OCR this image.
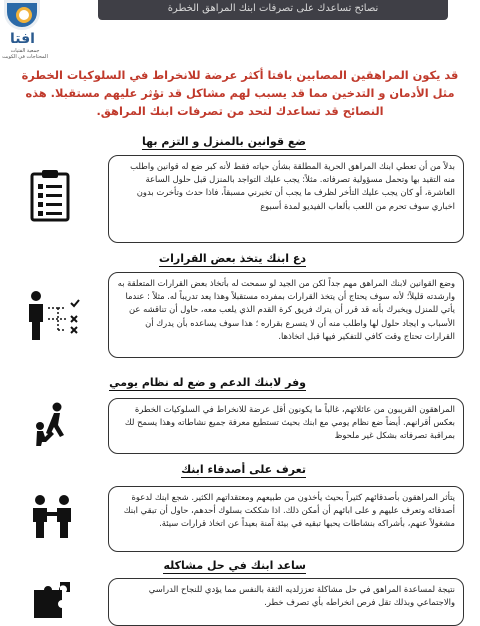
نصائح تساعدك على تصرفات ابنك المراهق الخطرة
افتا
جمعية الفتيات المحتاجات في الكويت
قد يكون المراهقين المصابين بافتا أكثر عرضة للانخراط في السلوكيات الخطرة مثل الأدمان و التدخين مما قد يسبب لهم مشاكل قد تؤثر عليهم مستقبلا. هذه النصائح قد تساعدك لتحد من تصرفات ابنك المراهق.
ضع قوانين بالمنزل و التزم بها
بدلاً من أن تعطي ابنك المراهق الحرية المطلقة بشأن حياته فقط لأنه كبر ضع له قوانين واطلب منه التقيد بها وتحمل مسؤولية تصرفاته. مثلاً: يجب عليك التواجد بالمنزل قبل حلول الساعة العاشرة، أو كان يجب عليك التأخر لظرف ما يجب أن تخبرني مسبقاً، فاذا حدث وتأخرت بدون اخباري سوف تحرم من اللعب بألعاب الفيديو لمدة أسبوع
دع ابنك يتخذ بعض القرارات
وضع القوانين لابنك المراهق مهم جداً لكن من الجيد لو سمحت له بأتخاذ بعض القرارات المتعلقة به وارشدته قليلاً؛ لأنه سوف يحتاج أن يتخذ القرارات بمفرده مستقبلاً وهذا يعد تدريباً له. مثلاً : عندما يأتي للمنزل ويخبرك بأنه قد قرر أن يترك فريق كرة القدم الذي يلعب معه، حاول أن تناقشه عن الأسباب و ايجاد حلول لها واطلب منه أن لا يتسرع بقراره ؛ هذا سوف يساعده بأن يدرك أن القرارات تحتاج وقت كافي للتفكير فيها قبل اتخاذها.
وفر لابنك الدعم و ضع له نظام يومي
المراهقون القريبون من عائلاتهم، غالباً ما يكونون أقل عرضة للانخراط في السلوكيات الخطرة بعكس أقرانهم. أيضاً ضع نظام يومي مع ابنك بحيث تستطيع معرفة جميع نشاطاته وهذا يسمح لك بمراقبة تصرفاته بشكل غير ملحوظ
تعرف على أصدقاء ابنك
يتأثر المراهقون بأصدقائهم كثيراً بحيث يأخذون من طبيعهم ومعتقداتهم الكثير. شجع ابنك لدعوة أصدقائه وتعرف عليهم و على ابائهم أن أمكن ذلك. اذا شككت بسلوك أحدهم، حاول أن تبقي ابنك مشغولاً عنهم، بأشراكه بنشاطات يحبها تبقيه في بيئة آمنة بعيداً عن اتخاذ قرارات سيئة.
ساعد ابنك في حل مشاكله
نتيجة لمساعدة المراهق في حل مشاكلة تعززلديه الثقة بالنفس مما يؤدي للنجاح الدراسي والاجتماعي وبذلك تقل فرص انخراطه بأي تصرف خطر.
